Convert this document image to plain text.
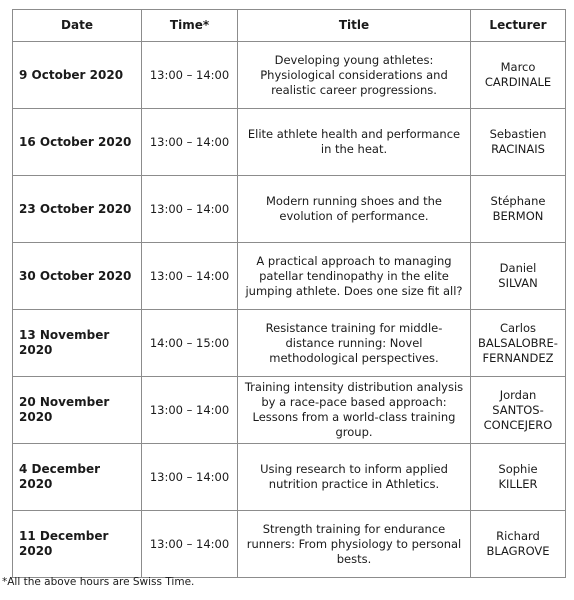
Date	Time*	Title	Lecturer
9 October 2020	13:00 – 14:00	Developing young athletes: Physiological considerations and realistic career progressions.	Marco
CARDINALE

16 October 2020	13:00 – 14:00	Elite athlete health and performance in the heat.	Sebastien
RACINAIS

23 October 2020	13:00 – 14:00	Modern running shoes and the evolution of performance.	Stéphane
BERMON

30 October 2020	13:00 – 14:00	A practical approach to managing patellar tendinopathy in the elite jumping athlete. Does one size fit all?	Daniel
SILVAN

13 November 2020	14:00 – 15:00	Resistance training for middle-distance running: Novel methodological perspectives.	Carlos
BALSALOBRE-FERNANDEZ

20 November 2020	13:00 – 14:00	Training intensity distribution analysis by a race-pace based approach: Lessons from a world-class training group.	Jordan
SANTOS-CONCEJERO

4 December 2020	13:00 – 14:00	Using research to inform applied nutrition practice in Athletics.	Sophie
KILLER

11 December 2020	13:00 – 14:00	Strength training for endurance runners: From physiology to personal bests.	Richard
BLAGROVE
*All the above hours are Swiss Time.
